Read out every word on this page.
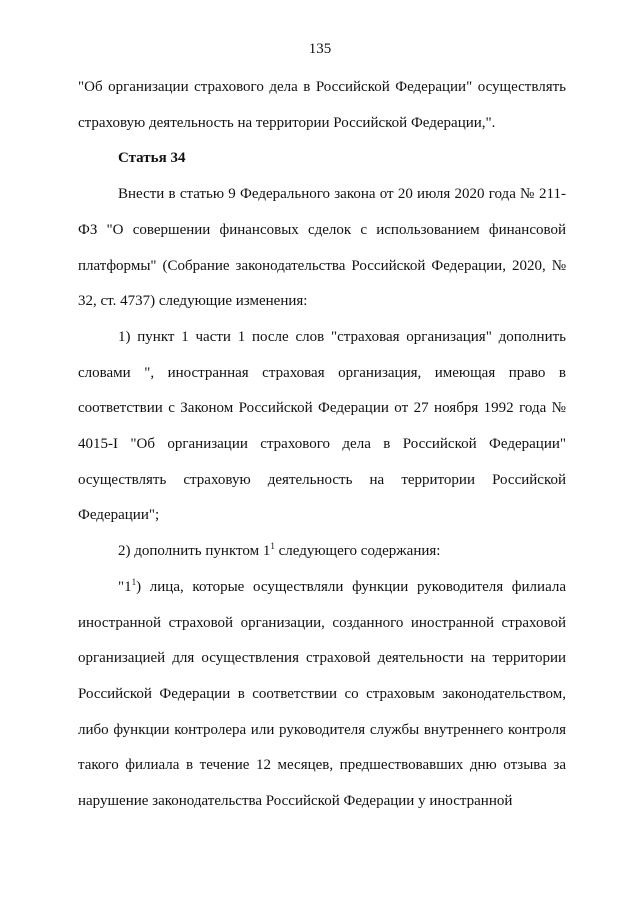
135

"Об организации страхового дела в Российской Федерации" осуществлять страховую деятельность на территории Российской Федерации,".

Статья 34

Внести в статью 9 Федерального закона от 20 июля 2020 года № 211-ФЗ "О совершении финансовых сделок с использованием финансовой платформы" (Собрание законодательства Российской Федерации, 2020, № 32, ст. 4737) следующие изменения:

1) пункт 1 части 1 после слов "страховая организация" дополнить словами ", иностранная страховая организация, имеющая право в соответствии с Законом Российской Федерации от 27 ноября 1992 года № 4015-I "Об организации страхового дела в Российской Федерации" осуществлять страховую деятельность на территории Российской Федерации";

2) дополнить пунктом $1^1$ следующего содержания:

"$1^1$) лица, которые осуществляли функции руководителя филиала иностранной страховой организации, созданного иностранной страховой организацией для осуществления страховой деятельности на территории Российской Федерации в соответствии со страховым законодательством, либо функции контролера или руководителя службы внутреннего контроля такого филиала в течение 12 месяцев, предшествовавших дню отзыва за нарушение законодательства Российской Федерации у иностранной
